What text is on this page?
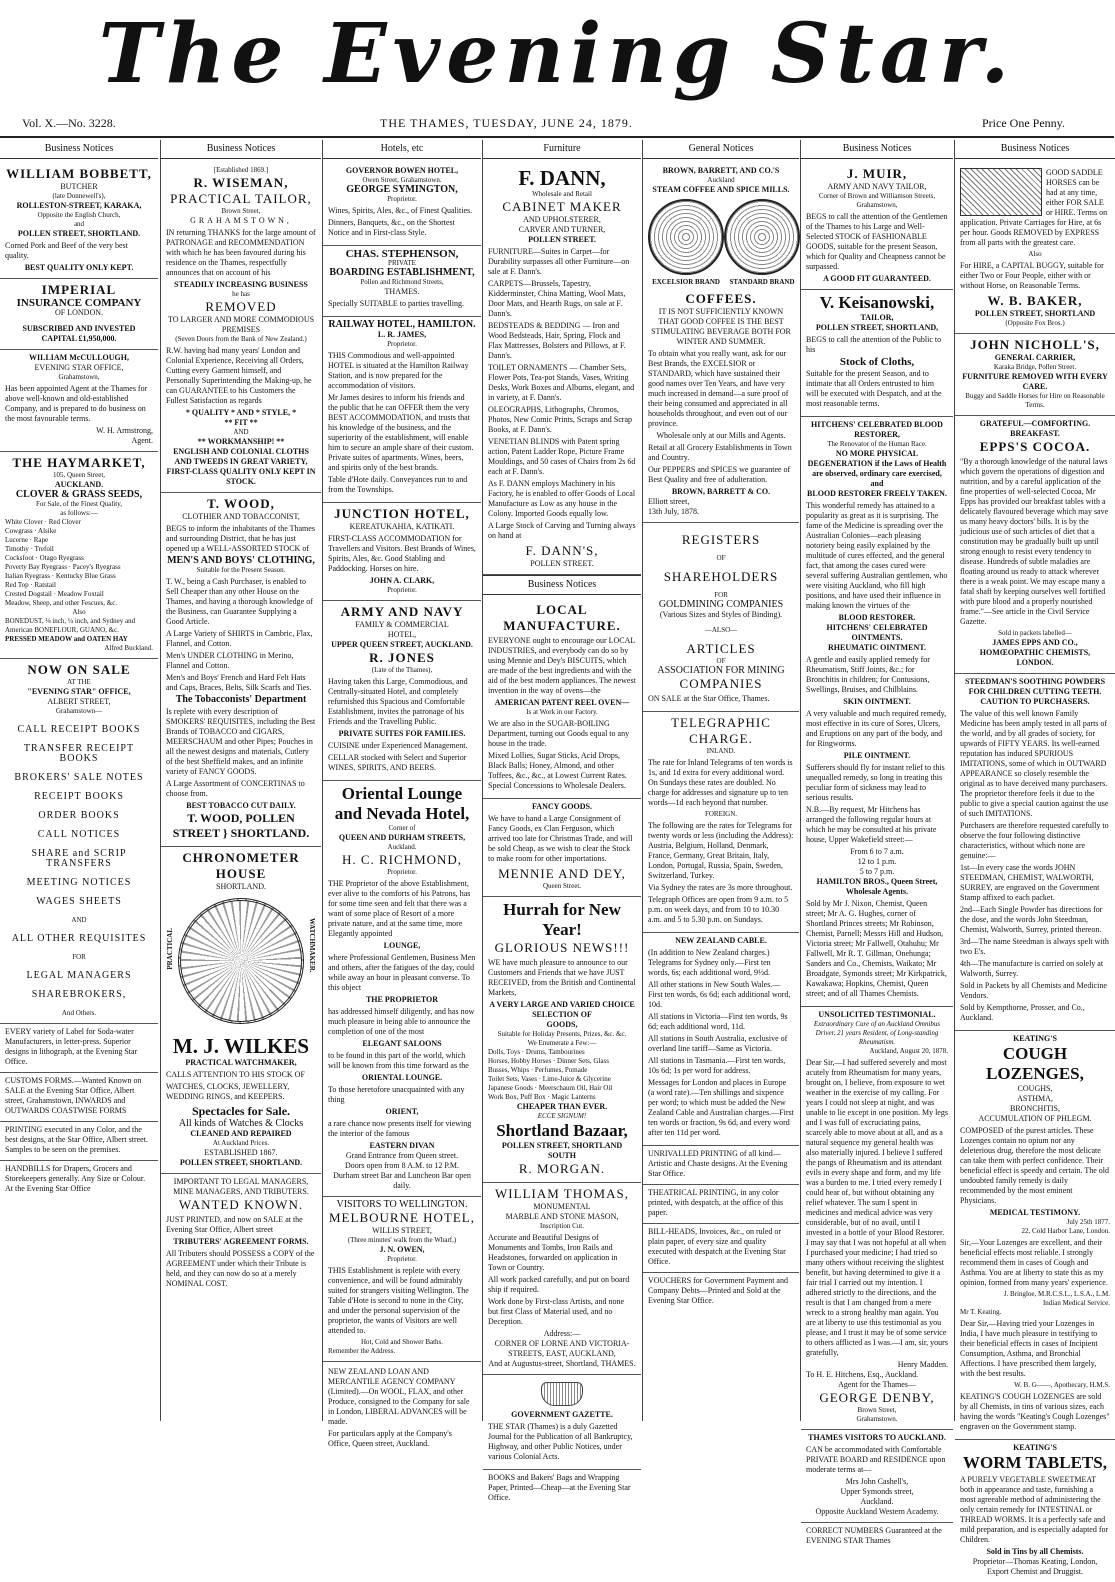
The Evening Star.
Vol. X.—No. 3228.	THE THAMES, TUESDAY, JUNE 24, 1879.	Price One Penny.
Business Notices
WILLIAM BOBBETT,
BUTCHER
(late Donnewell's),
ROLLESTON-STREET, KARAKA,
Opposite the English Church,
and
POLLEN STREET, SHORTLAND.
Corned Pork and Beef of the very best quality.
BEST QUALITY ONLY KEPT.
IMPERIAL
INSURANCE COMPANY
OF LONDON.
SUBSCRIBED AND INVESTED
CAPITAL £1,950,000.
WILLIAM McCULLOUGH,
EVENING STAR OFFICE,
Grahamstown,
Has been appointed Agent at the Thames for above well-known and old-established Company, and is prepared to do business on the most favourable terms.
W. H. Armstrong,
Agent.
THE HAYMARKET,
105, Queen Street,
AUCKLAND.
CLOVER & GRASS SEEDS,
For Sale, of the Finest Quality,
as follows:—
White Clover · Red Clover
Cowgrass · Alsike
Lucerne · Rape
Timothy · Trefoil
Cocksfoot · Otago Ryegrass
Poverty Bay Ryegrass · Pacey's Ryegrass
Italian Ryegrass · Kentucky Blue Grass
Red Top · Ratstail
Crested Dogstail · Meadow Foxtail
Meadow, Sheep, and other Fescues, &c.
Also
BONEDUST, ⅛ inch, ¼ inch, and Sydney and American BONEFLOUR, GUANO, &c.
PRESSED MEADOW and OATEN HAY
Alfred Buckland.
NOW ON SALE
AT THE
"EVENING STAR" OFFICE,
ALBERT STREET,
Grahamstown—
CALL RECEIPT BOOKS
TRANSFER RECEIPT BOOKS
BROKERS' SALE NOTES
RECEIPT BOOKS
ORDER BOOKS
CALL NOTICES
SHARE and SCRIP TRANSFERS
MEETING NOTICES
WAGES SHEETS
AND
ALL OTHER REQUISITES
FOR
LEGAL MANAGERS
SHAREBROKERS,
And Others.
EVERY variety of Label for Soda-water Manufacturers, in letter-press. Superior designs in lithograph, at the Evening Star Office.
CUSTOMS FORMS.—Wanted Known on SALE at the Evening Star Office, Albert street, Grahamstown, INWARDS and OUTWARDS COASTWISE FORMS
PRINTING executed in any Color, and the best designs, at the Star Office, Albert street. Samples to be seen on the premises.
HANDBILLS for Drapers, Grocers and Storekeepers generally. Any Size or Colour. At the Evening Star Office
Business Notices
[Established 1869.]
R. WISEMAN,
PRACTICAL TAILOR,
Brown Street,
GRAHAMSTOWN,
IN returning THANKS for the large amount of PATRONAGE and RECOMMENDATION with which he has been favoured during his residence on the Thames, respectfully announces that on account of his
STEADILY INCREASING BUSINESS
he has
REMOVED
TO LARGER AND MORE COMMODIOUS PREMISES
(Seven Doors from the Bank of New Zealand.)
R.W. having had many years' London and Colonial Experience, Receiving all Orders, Cutting every Garment himself, and Personally Superintending the Making-up, he can GUARANTEE to his Customers the Fullest Satisfaction as regards
* QUALITY * AND * STYLE, *
** FIT **
AND
** WORKMANSHIP! **
ENGLISH AND COLONIAL CLOTHS AND TWEEDS IN GREAT VARIETY,
FIRST-CLASS QUALITY ONLY KEPT IN STOCK.
T. WOOD,
CLOTHIER AND TOBACCONIST,
BEGS to inform the inhabitants of the Thames and surrounding District, that he has just opened up a WELL-ASSORTED STOCK of
MEN'S AND BOYS' CLOTHING,
Suitable for the Present Season.
T. W., being a Cash Purchaser, is enabled to Sell Cheaper than any other House on the Thames, and having a thorough knowledge of the Business, can Guarantee Supplying a Good Article.
A Large Variety of SHIRTS in Cambric, Flax, Flannel, and Cotton.
Men's UNDER CLOTHING in Merino, Flannel and Cotton.
Men's and Boys' French and Hard Felt Hats and Caps, Braces, Belts, Silk Scarfs and Ties.
The Tobacconists' Department
Is replete with every description of SMOKERS' REQUISITES, including the Best Brands of TOBACCO and CIGARS, MEERSCHAUM and other Pipes; Pouches in all the newest designs and materials, Cutlery of the best Sheffield makes, and an infinite variety of FANCY GOODS.
A Large Assortment of CONCERTINAS to choose from.
BEST TOBACCO CUT DAILY.
T. WOOD, POLLEN STREET } SHORTLAND.
CHRONOMETER HOUSE
SHORTLAND.
PRACTICAL	WATCHMAKER.
M. J. WILKES
PRACTICAL WATCHMAKER,
CALLS ATTENTION TO HIS STOCK OF
WATCHES, CLOCKS, JEWELLERY, WEDDING RINGS, and KEEPERS.
Spectacles for Sale.
All kinds of Watches & Clocks
CLEANED AND REPAIRED
At Auckland Prices.
ESTABLISHED 1867.
POLLEN STREET, SHORTLAND.
IMPORTANT TO LEGAL MANAGERS, MINE MANAGERS, AND TRIBUTERS.
WANTED KNOWN.
JUST PRINTED, and now on SALE at the Evening Star Office, Albert street
TRIBUTERS' AGREEMENT FORMS.
All Tributers should POSSESS a COPY of the AGREEMENT under which their Tribute is held, and they can now do so at a merely NOMINAL COST.
Hotels, etc
GOVERNOR BOWEN HOTEL,
Owen Street, Grahamstown.
GEORGE SYMINGTON,
Proprietor.
Wines, Spirits, Ales, &c., of Finest Qualities.
Dinners, Banquets, &c., on the Shortest Notice and in First-class Style.
CHAS. STEPHENSON,
PRIVATE
BOARDING ESTABLISHMENT,
Pollen and Richmond Streets,
THAMES.
Specially SUITABLE to parties travelling.
RAILWAY HOTEL, HAMILTON.
L. R. JAMES,
Proprietor.
THIS Commodious and well-appointed HOTEL is situated at the Hamilton Railway Station, and is now prepared for the accommodation of visitors.
Mr James desires to inform his friends and the public that he can OFFER them the very BEST ACCOMMODATION, and trusts that his knowledge of the business, and the superiority of the establishment, will enable him to secure an ample share of their custom. Private suites of apartments. Wines, beers, and spirits only of the best brands.
Table d'Hote daily. Conveyances run to and from the Townships.
JUNCTION HOTEL,
KEREATUKAHIA, KATIKATI.
FIRST-CLASS ACCOMMODATION for Travellers and Visitors. Best Brands of Wines, Spirits, Ales, &c. Good Stabling and Paddocking. Horses on hire.
JOHN A. CLARK,
Proprietor.
ARMY AND NAVY
FAMILY & COMMERCIAL
HOTEL,
UPPER QUEEN STREET, AUCKLAND.
R. JONES
(Late of the Thames),
Having taken this Large, Commodious, and Centrally-situated Hotel, and completely refurnished this Spacious and Comfortable Establishment, invites the patronage of his Friends and the Travelling Public.
PRIVATE SUITES FOR FAMILIES.
CUISINE under Experienced Management.
CELLAR stocked with Select and Superior WINES, SPIRITS, AND BEERS.
Oriental Lounge and Nevada Hotel,
Corner of
QUEEN AND DURHAM STREETS,
Auckland.
H. C. RICHMOND,
Proprietor.
THE Proprietor of the above Establishment, ever alive to the comforts of his Patrons, has for some time seen and felt that there was a want of some place of Resort of a more private nature, and at the same time, more Elegantly appointed
LOUNGE,
where Professional Gentlemen, Business Men and others, after the fatigues of the day, could while away an hour in pleasant converse. To this object
THE PROPRIETOR
has addressed himself diligently, and has now much pleasure in being able to announce the completion of one of the most
ELEGANT SALOONS
to be found in this part of the world, which will be known from this time forward as the
ORIENTAL LOUNGE.
To those heretofore unacquainted with any thing
ORIENT,
a rare chance now presents itself for viewing the interior of the famous
EASTERN DIVAN
Grand Entrance from Queen street.
Doors open from 8 A.M. to 12 P.M.
Durham street Bar and Luncheon Bar open daily.
VISITORS TO WELLINGTON.
MELBOURNE HOTEL,
WILLIS STREET,
(Three minutes' walk from the Wharf,)
J. N. OWEN,
Proprietor.
THIS Establishment is replete with every convenience, and will be found admirably suited for strangers visiting Wellington. The Table d'Hote is second to none in the City, and under the personal supervision of the proprietor, the wants of Visitors are well attended to.
Hot, Cold and Shower Baths.
Remember the Address.
NEW ZEALAND LOAN AND MERCANTILE AGENCY COMPANY (Limited).—On WOOL, FLAX, and other Produce, consigned to the Company for sale in London, LIBERAL ADVANCES will be made.
For particulars apply at the Company's Office, Queen street, Auckland.
Furniture
F. DANN,
Wholesale and Retail
CABINET MAKER
AND UPHOLSTERER,
CARVER AND TURNER,
POLLEN STREET.
FURNITURE—Suites in Carpet—for Durability surpasses all other Furniture—on sale at F. Dann's.
CARPETS—Brussels, Tapestry, Kidderminster, China Matting, Wool Mats, Door Mats, and Hearth Rugs, on sale at F. Dann's.
BEDSTEADS & BEDDING — Iron and Wood Bedsteads, Hair, Spring, Flock and Flax Mattresses, Bolsters and Pillows, at F. Dann's.
TOILET ORNAMENTS — Chamber Sets, Flower Pots, Tea-pot Stands, Vases, Writing Desks, Work Boxes and Albums, elegant, and in variety, at F. Dann's.
OLEOGRAPHS, Lithographs, Chromos, Photos, New Comic Prints, Scraps and Scrap Books, at F. Dann's.
VENETIAN BLINDS with Patent spring action, Patent Ladder Rope, Picture Frame Mouldings, and 50 cases of Chairs from 2s 6d each at F. Dann's.
As F. DANN employs Machinery in his Factory, he is enabled to offer Goods of Local Manufacture as Low as any house in the Colony. Imported Goods equally low.
A Large Stock of Carving and Turning always on hand at
F. DANN'S,
POLLEN STREET.
Business Notices
LOCAL MANUFACTURE.
EVERYONE ought to encourage our LOCAL INDUSTRIES, and everybody can do so by using Mennie and Dey's BISCUITS, which are made of the best ingredients and with the aid of the best modern appliances. The newest invention in the way of ovens—the
AMERICAN PATENT REEL OVEN—
Is at Work in our Factory.
We are also in the SUGAR-BOILING Department, turning out Goods equal to any house in the trade.
Mixed Lollies, Sugar Sticks, Acid Drops, Black Balls; Honey, Almond, and other Toffees, &c., &c., at Lowest Current Rates. Special Concessions to Wholesale Dealers.
FANCY GOODS.
We have to hand a Large Consignment of Fancy Goods, ex Clan Ferguson, which arrived too late for Christmas Trade, and will be sold Cheap, as we wish to clear the Stock to make room for other importations.
MENNIE AND DEY,
Queen Street.
Hurrah for New Year!
GLORIOUS NEWS!!!
WE have much pleasure to announce to our Customers and Friends that we have JUST RECEIVED, from the British and Continental Markets,
A VERY LARGE AND VARIED CHOICE SELECTION OF
GOODS,
Suitable for Holiday Presents, Prizes, &c. &c.
We Enumerate a Few:—
Dolls, Toys · Drums, Tambourines
Horses, Hobby Horses · Dinner Sets, Glass
Busses, Whips · Perfumes, Pomade
Toilet Sets, Vases · Lime-Juice & Glycerine
Japanese Goods · Meerschaum Oil, Hair Oil
Work Box, Puff Box · Magic Lanterns
CHEAPER THAN EVER.
ECCE SIGNUM!
Shortland Bazaar,
POLLEN STREET, SHORTLAND SOUTH
R. MORGAN.
WILLIAM THOMAS,
MONUMENTAL
MARBLE AND STONE MASON,
Inscription Cut.
Accurate and Beautiful Designs of Monuments and Tombs, Iron Rails and Headstones, forwarded on application in Town or Country.
All work packed carefully, and put on board ship if required.
Work done by First-class Artists, and none but first Class of Material used, and no Deception.
Address:—
CORNER OF LORNE AND VICTORIA-STREETS, EAST, AUCKLAND,
And at Augustus-street, Shortland, THAMES.
GOVERNMENT GAZETTE.
THE STAR (Thames) is a duly Gazetted Journal for the Publication of all Bankruptcy, Highway, and other Public Notices, under various Colonial Acts.
BOOKS and Bakers' Bags and Wrapping Paper, Printed—Cheap—at the Evening Star Office.
General Notices
BROWN, BARRETT, AND CO.'S
Auckland
STEAM COFFEE AND SPICE MILLS.
EXCELSIOR BRAND	STANDARD BRAND
COFFEES.
IT IS NOT SUFFICIENTLY KNOWN THAT GOOD COFFEE IS THE BEST STIMULATING BEVERAGE BOTH FOR WINTER AND SUMMER.
To obtain what you really want, ask for our Best Brands, the EXCELSIOR or STANDARD, which have sustained their good names over Ten Years, and have very much increased in demand—a sure proof of their being consumed and appreciated in all households throughout, and even out of our province.
Wholesale only at our Mills and Agents.
Retail at all Grocery Establishments in Town and Country.
Our PEPPERS and SPICES we guarantee of Best Quality and free of adulteration.
BROWN, BARRETT & CO.
Elliott street,
13th July, 1878.
REGISTERS
OF
SHAREHOLDERS
FOR
GOLDMINING COMPANIES
(Various Sizes and Styles of Binding).
—ALSO—
ARTICLES
OF
ASSOCIATION FOR MINING
COMPANIES
ON SALE at the Star Office, Thames.
TELEGRAPHIC CHARGE.
INLAND.
The rate for Inland Telegrams of ten words is 1s, and 1d extra for every additional word. On Sundays these rates are doubled. No charge for addresses and signature up to ten words—1d each beyond that number.
FOREIGN.
The following are the rates for Telegrams for twenty words or less (including the Address): Austria, Belgium, Holland, Denmark, France, Germany, Great Britain, Italy, London, Portugal, Russia, Spain, Sweden, Switzerland, Turkey.
Via Sydney the rates are 3s more throughout.
Telegraph Offices are open from 9 a.m. to 5 p.m. on week days, and from 10 to 10.30 a.m. and 5 to 5.30 p.m. on Sundays.
NEW ZEALAND CABLE.
(In addition to New Zealand charges.) Telegrams for Sydney only.—First ten words, 6s; each additional word, 9½d.
All other stations in New South Wales.—First ten words, 6s 6d; each additional word, 10d.
All stations in Victoria—First ten words, 9s 6d; each additional word, 11d.
All stations in South Australia, exclusive of overland line tariff—Same as Victoria.
All stations in Tasmania.—First ten words, 10s 6d; 1s per word for address.
Messages for London and places in Europe (a word rate).—Ten shillings and sixpence per word; to which must be added the New Zealand Cable and Australian charges.—First ten words or fraction, 9s 6d, and every word after ten 11d per word.
UNRIVALLED PRINTING of all kind—Artistic and Chaste designs. At the Evening Star Office.
THEATRICAL PRINTING, in any color printed, with despatch, at the office of this paper.
BILL-HEADS, Invoices, &c., on ruled or plain paper, of every size and quality executed with despatch at the Evening Star Office.
VOUCHERS for Government Payment and Company Debts—Printed and Sold at the Evening Star Office.
Business Notices
J. MUIR,
ARMY AND NAVY TAILOR,
Corner of Brown and Williamson Streets, Grahamstown,
BEGS to call the attention of the Gentlemen of the Thames to his Large and Well-Selected STOCK of FASHIONABLE GOODS, suitable for the present Season, which for Quality and Cheapness cannot be surpassed.
A GOOD FIT GUARANTEED.
V. Keisanowski,
TAILOR,
POLLEN STREET, SHORTLAND,
BEGS to call the attention of the Public to his
Stock of Cloths,
Suitable for the present Season, and to intimate that all Orders entrusted to him will be executed with Despatch, and at the most reasonable terms.
HITCHENS' CELEBRATED BLOOD RESTORER,
The Renovator of the Human Race.
NO MORE PHYSICAL DEGENERATION if the Laws of Health are observed, ordinary care exercised, and
BLOOD RESTORER FREELY TAKEN.
This wonderful remedy has attained to a popularity as great as it is surprising. The fame of the Medicine is spreading over the Australian Colonies—each pleasing notoriety being easily explained by the multitude of cures effected, and the general fact, that among the cases cured were several suffering Australian gentlemen, who were visiting Auckland, who fill high positions, and have used their influence in making known the virtues of the
BLOOD RESTORER.
HITCHENS' CELEBRATED OINTMENTS.
RHEUMATIC OINTMENT.
A gentle and easily applied remedy for Rheumatism, Stiff Joints, &c.; for Bronchitis in children; for Contusions, Swellings, Bruises, and Chilblains.
SKIN OINTMENT.
A very valuable and much required remedy, most effective in its cure of Sores, Ulcers, and Eruptions on any part of the body, and for Ringworms.
PILE OINTMENT.
Sufferers should fly for instant relief to this unequalled remedy, so long in treating this peculiar form of sickness may lead to serious results.
N.B.—By request, Mr Hitchens has arranged the following regular hours at which he may be consulted at his private house, Upper Wakefield street:—
From 6 to 7 a.m.
12 to 1 p.m.
5 to 7 p.m.
HAMILTON BROS., Queen Street, Wholesale Agents.
Sold by Mr J. Nixon, Chemist, Queen street; Mr A. G. Hughes, corner of Shortland Princes streets; Mr Robinson, Chemist, Parnell; Messrs Hill and Hudson, Victoria street; Mr Fallwell, Otahuhu; Mr Fallwell, Mr R. T. Gillman, Onehunga; Sanders and Co., Chemists, Waikato; Mr Broadgate, Symonds street; Mr Kirkpatrick, Kawakawa; Hopkins, Chemist, Queen street; and of all Thames Chemists.
UNSOLICITED TESTIMONIAL.
Extraordinary Cure of an Auckland Omnibus Driver, 21 years Resident, of Long-standing Rheumatism.
Auckland, August 20, 1878.
Dear Sir,—I had suffered severely and most acutely from Rheumatism for many years, brought on, I believe, from exposure to wet weather in the exercise of my calling. For years I could not sleep at night, and was unable to lie except in one position. My legs and I was full of excruciating pains, scarcely able to move about at all, and as a natural sequence my general health was also materially injured. I believe I suffered the pangs of Rheumatism and its attendant evils in every shape and form, and my life was a burden to me. I tried every remedy I could hear of, but without obtaining any relief whatever. The sum I spent in medicines and medical advice was very considerable, but of no avail, until I invested in a bottle of your Blood Restorer. I may say that I was not hopeful at all when I purchased your medicine; I had tried so many others without receiving the slightest benefit, but having determined to give it a fair trial I carried out my intention. I adhered strictly to the directions, and the result is that I am changed from a mere wreck to a strong healthy man again. You are at liberty to use this testimonial as you please, and I trust it may be of some service to others afflicted as I was.—I am, sir, yours gratefully,
Henry Madden.
To H. E. Hitchens, Esq., Auckland.
Agent for the Thames—
GEORGE DENBY,
Brown Street,
Grahamstown.
THAMES VISITORS TO AUCKLAND.
CAN be accommodated with Comfortable PRIVATE BOARD and RESIDENCE upon moderate terms at—
Mrs John Cashell's,
Upper Symonds street,
Auckland.
Opposite Auckland Western Academy.
CORRECT NUMBERS Guaranteed at the EVENING STAR Thames
Business Notices
GOOD SADDLE HORSES can be had at any time, either FOR SALE or HIRE. Terms on application. Private Carriages for Hire, at 6s per hour. Goods REMOVED by EXPRESS from all parts with the greatest care.
Also
For HIRE, a CAPITAL BUGGY, suitable for either Two or Four People, either with or without Horse, on Reasonable Terms.
W. B. BAKER,
POLLEN STREET, SHORTLAND
(Opposite Fox Bros.)
JOHN NICHOLL'S,
GENERAL CARRIER,
Karaka Bridge, Pollen Street.
FURNITURE REMOVED WITH EVERY CARE.
Buggy and Saddle Horses for Hire on Reasonable Terms.
GRATEFUL—COMFORTING.
BREAKFAST.
EPPS'S COCOA.
"By a thorough knowledge of the natural laws which govern the operations of digestion and nutrition, and by a careful application of the fine properties of well-selected Cocoa, Mr Epps has provided our breakfast tables with a delicately flavoured beverage which may save us many heavy doctors' bills. It is by the judicious use of such articles of diet that a constitution may be gradually built up until strong enough to resist every tendency to disease. Hundreds of subtle maladies are floating around us ready to attack wherever there is a weak point. We may escape many a fatal shaft by keeping ourselves well fortified with pure blood and a properly nourished frame."—See article in the Civil Service Gazette.
Sold in packets labelled—
JAMES EPPS AND CO.,
HOMŒOPATHIC CHEMISTS,
LONDON.
STEEDMAN'S SOOTHING POWDERS FOR CHILDREN CUTTING TEETH.
CAUTION TO PURCHASERS.
The value of this well known Family Medicine has been amply tested in all parts of the world, and by all grades of society, for upwards of FIFTY YEARS. Its well-earned reputation has induced SPURIOUS IMITATIONS, some of which in OUTWARD APPEARANCE so closely resemble the original as to have deceived many purchasers. The proprietor therefore feels it due to the public to give a special caution against the use of such IMITATIONS.
Purchasers are therefore requested carefully to observe the four following distinctive characteristics, without which none are genuine:—
1st—In every case the words JOHN STEEDMAN, CHEMIST, WALWORTH, SURREY, are engraved on the Government Stamp affixed to each packet.
2nd—Each Single Powder has directions for the dose, and the words John Steedman, Chemist, Walworth, Surrey, printed thereon.
3rd—The name Steedman is always spelt with two E's.
4th—The manufacture is carried on solely at Walworth, Surrey.
Sold in Packets by all Chemists and Medicine Vendors.
Sold by Kempthorne, Prosser, and Co., Auckland.
KEATING'S
COUGH LOZENGES,
COUGHS,
ASTHMA,
BRONCHITIS,
ACCUMULATION OF PHLEGM.
COMPOSED of the purest articles. These Lozenges contain no opium nor any deleterious drug, therefore the most delicate can take them with perfect confidence. Their beneficial effect is speedy and certain. The old undoubted family remedy is daily recommended by the most eminent Physicians.
MEDICAL TESTIMONY.
July 25th 1877.
22, Cold Harbor Lane, London.
Sir,—Your Lozenges are excellent, and their beneficial effects most reliable. I strongly recommend them in cases of Cough and Asthma. You are at liberty to state this as my opinion, formed from many years' experience.
J. Bringloe, M.R.C.S.L., L.S.A., L.M.
Indian Medical Service.
Mr T. Keating.
Dear Sir,—Having tried your Lozenges in India, I have much pleasure in testifying to their beneficial effects in cases of Incipient Consumption, Asthma, and Bronchial Affections. I have prescribed them largely, with the best results.
W. B. G——, Apothecary, H.M.S.
KEATING'S COUGH LOZENGES are sold by all Chemists, in tins of various sizes, each having the words "Keating's Cough Lozenges" engraven on the Government stamp.
KEATING'S
WORM TABLETS,
A PURELY VEGETABLE SWEETMEAT both in appearance and taste, furnishing a most agreeable method of administering the only certain remedy for INTESTINAL or THREAD WORMS. It is a perfectly safe and mild preparation, and is especially adapted for Children.
Sold in Tins by all Chemists.
Proprietor—Thomas Keating, London,
Export Chemist and Druggist.
